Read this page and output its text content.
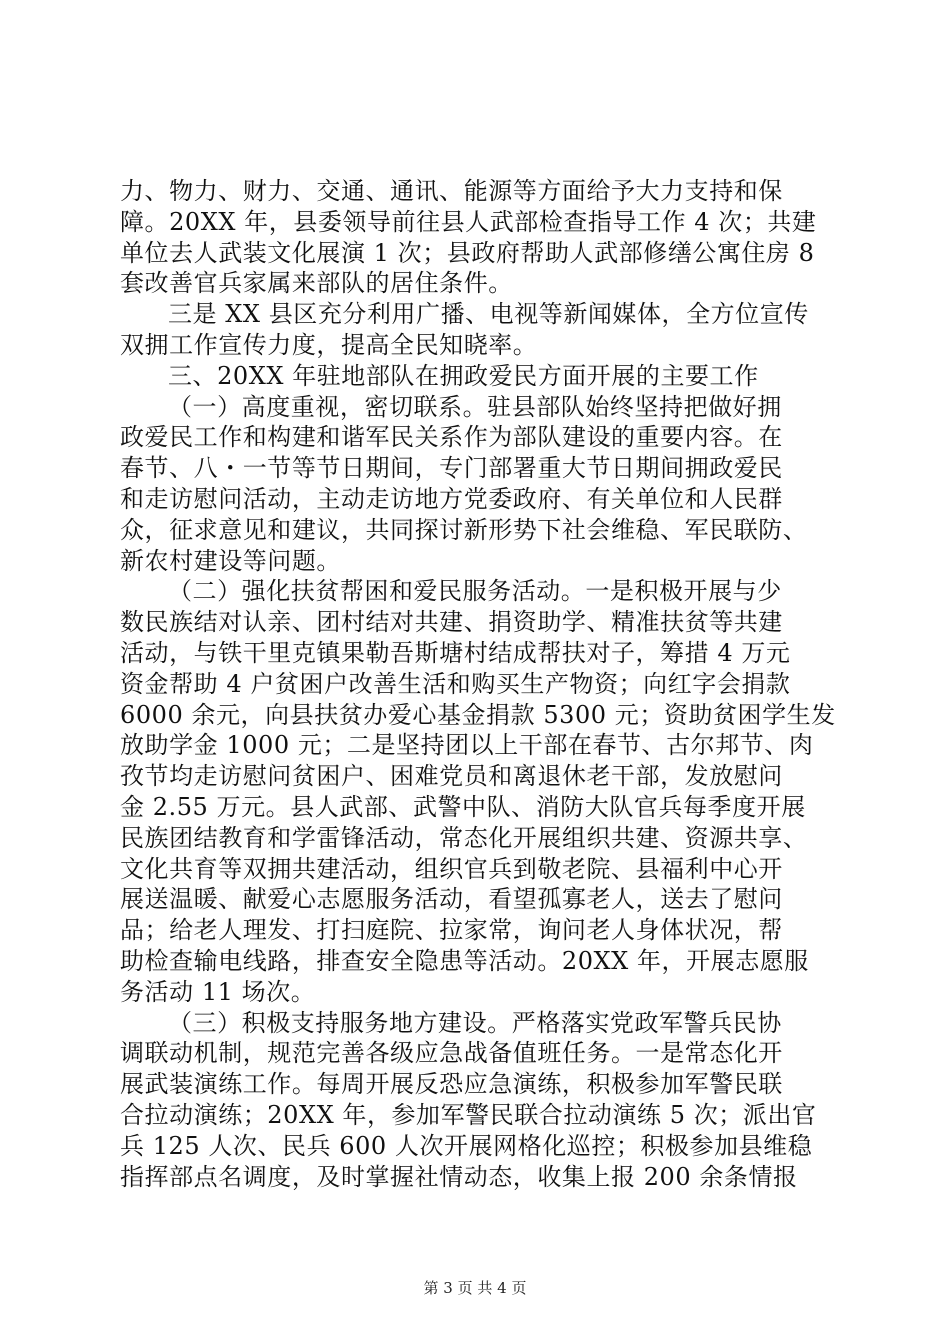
力、物力、财力、交通、通讯、能源等方面给予大力支持和保
障。20XX 年，县委领导前往县人武部检查指导工作 4 次；共建
单位去人武装文化展演 1 次；县政府帮助人武部修缮公寓住房 8
套改善官兵家属来部队的居住条件。
三是 XX 县区充分利用广播、电视等新闻媒体，全方位宣传
双拥工作宣传力度，提高全民知晓率。
三、20XX 年驻地部队在拥政爱民方面开展的主要工作
（一）高度重视，密切联系。驻县部队始终坚持把做好拥
政爱民工作和构建和谐军民关系作为部队建设的重要内容。在
春节、八・一节等节日期间，专门部署重大节日期间拥政爱民
和走访慰问活动，主动走访地方党委政府、有关单位和人民群
众，征求意见和建议，共同探讨新形势下社会维稳、军民联防、
新农村建设等问题。
（二）强化扶贫帮困和爱民服务活动。一是积极开展与少
数民族结对认亲、团村结对共建、捐资助学、精准扶贫等共建
活动，与铁干里克镇果勒吾斯塘村结成帮扶对子，筹措 4 万元
资金帮助 4 户贫困户改善生活和购买生产物资；向红字会捐款
6000 余元，向县扶贫办爱心基金捐款 5300 元；资助贫困学生发
放助学金 1000 元；二是坚持团以上干部在春节、古尔邦节、肉
孜节均走访慰问贫困户、困难党员和离退休老干部，发放慰问
金 2.55 万元。县人武部、武警中队、消防大队官兵每季度开展
民族团结教育和学雷锋活动，常态化开展组织共建、资源共享、
文化共育等双拥共建活动，组织官兵到敬老院、县福利中心开
展送温暖、献爱心志愿服务活动，看望孤寡老人，送去了慰问
品；给老人理发、打扫庭院、拉家常，询问老人身体状况，帮
助检查输电线路，排查安全隐患等活动。20XX 年，开展志愿服
务活动 11 场次。
（三）积极支持服务地方建设。严格落实党政军警兵民协
调联动机制，规范完善各级应急战备值班任务。一是常态化开
展武装演练工作。每周开展反恐应急演练，积极参加军警民联
合拉动演练；20XX 年，参加军警民联合拉动演练 5 次；派出官
兵 125 人次、民兵 600 人次开展网格化巡控；积极参加县维稳
指挥部点名调度，及时掌握社情动态，收集上报 200 余条情报
第 3 页 共 4 页
